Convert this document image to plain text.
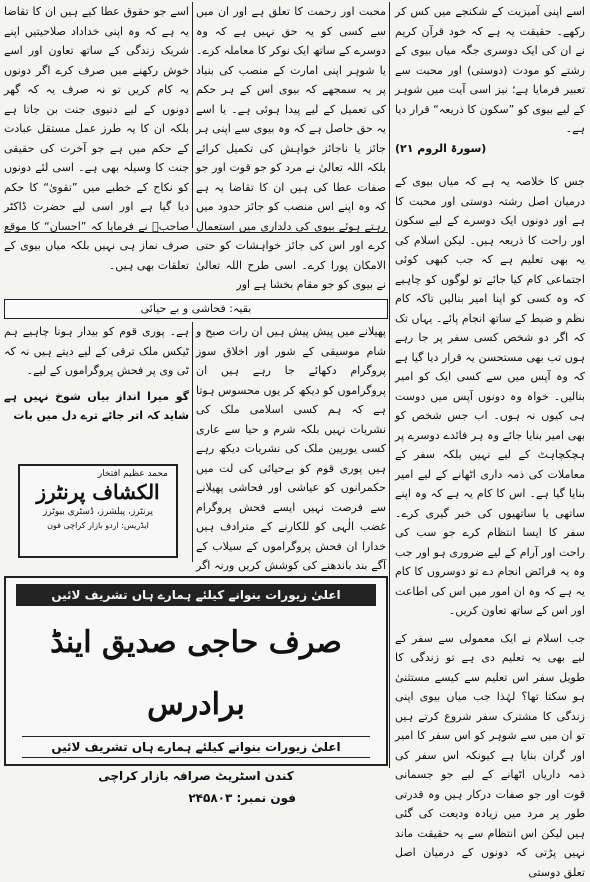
اسے اپنی آمیزیت کے شکنجے میں کس کر رکھے۔ حقیقت یہ ہے کہ خود قرآن کریم نے ان کی ایک دوسری جگہ میاں بیوی کے رشتے کو مودت (دوستی) اور محبت سے تعبیر فرمایا ہے؛ نیز اسی آیت میں شوہر کے لیے بیوی کو ”سکون کا ذریعہ“ قرار دیا ہے۔

(سورۃ الروم ۲۱)

جس کا خلاصہ یہ ہے کہ میاں بیوی کے درمیان اصل رشتہ دوستی اور محبت کا ہے اور دونوں ایک دوسرے کے لیے سکون اور راحت کا ذریعہ ہیں۔ لیکن اسلام کی یہ بھی تعلیم ہے کہ جب کبھی کوئی اجتماعی کام کیا جائے تو لوگوں کو چاہیے کہ وہ کسی کو اپنا امیر بنالیں تاکہ کام نظم و ضبط کے ساتھ انجام پائے۔ یہاں تک کہ اگر دو شخص کسی سفر پر جا رہے ہوں تب بھی مستحسن یہ قرار دیا گیا ہے کہ وہ آپس میں سے کسی ایک کو امیر بنالیں۔ خواہ وہ دونوں آپس میں دوست ہی کیوں نہ ہوں۔ اب جس شخص کو بھی امیر بنایا جائے وہ ہر فائدے دوسرے پر ہچکچاہٹ کے لیے نہیں بلکہ سفر کے معاملات کی ذمہ داری اٹھانے کے لیے امیر بنایا گیا ہے۔ اس کا کام یہ ہے کہ وہ اپنے ساتھی یا ساتھیوں کی خبر گیری کرے۔ سفر کا ایسا انتظام کرے جو سب کی راحت اور آرام کے لیے ضروری ہو اور جب وہ یہ فرائض انجام دے تو دوسروں کا کام یہ ہے کہ وہ ان امور میں اس کی اطاعت اور اس کے ساتھ تعاون کریں۔

جب اسلام نے ایک معمولی سے سفر کے لیے بھی یہ تعلیم دی ہے تو زندگی کا طویل سفر اس تعلیم سے کیسے مستثنیٰ ہو سکتا تھا؟ لہٰذا جب میاں بیوی اپنی زندگی کا مشترک سفر شروع کرتے ہیں تو ان میں سے شوہر کو اس سفر کا امیر اور گران بنایا ہے کیونکہ اس سفر کی ذمہ داریاں اٹھانے کے لیے جو جسمانی قوت اور جو صفات درکار ہیں وہ قدرتی طور پر مرد میں زیادہ ودیعت کی گئی ہیں لیکن اس انتظام سے یہ حقیقت ماند نہیں پڑتی کہ دونوں کے درمیان اصل تعلق دوستی

محبت اور رحمت کا تعلق ہے اور ان میں سے کسی کو یہ حق نہیں ہے کہ وہ دوسرے کے ساتھ ایک نوکر کا معاملہ کرے۔ یا شوہر اپنی امارت کے منصب کی بنیاد پر یہ سمجھے کہ بیوی اس کے ہر حکم کی تعمیل کے لیے پیدا ہوئی ہے۔ یا اسے یہ حق حاصل ہے کہ وہ بیوی سے اپنی ہر جائز یا ناجائز خواہش کی تکمیل کرائے بلکہ اللہ تعالیٰ نے مرد کو جو قوت اور جو صفات عطا کی ہیں ان کا تقاضا یہ ہے کہ وہ اپنے اس منصب کو جائز حدود میں رہتے ہوئے بیوی کی دلداری میں استعمال کرے اور اس کی جائز خواہشات کو حتی الامکان پورا کرے۔ اسی طرح اللہ تعالیٰ نے بیوی کو جو مقام بخشا ہے اور

اسے جو حقوق عطا کیے ہیں ان کا تقاضا یہ ہے کہ وہ اپنی خداداد صلاحیتیں اپنے شریک زندگی کے ساتھ تعاون اور اسے خوش رکھنے میں صرف کرے اگر دونوں یہ کام کریں تو نہ صرف یہ کہ گھر دونوں کے لیے دنیوی جنت بن جاتا ہے بلکہ ان کا یہ طرز عمل مستقل عبادت کے حکم میں ہے جو آخرت کی حقیقی جنت کا وسیلہ بھی ہے۔ اسی لئے دونوں کو نکاح کے خطبے میں ”تقویٰ“ کا حکم دیا گیا ہے اور اسی لیے حضرت ڈاکٹر صاحبؒ نے فرمایا کہ ”احسان“ کا موقع صرف نماز ہی نہیں بلکہ میاں بیوی کے تعلقات بھی ہیں۔

بقیہ: فحاشی و بے حیائی

پھیلانے میں پیش پیش ہیں ان رات صبح و شام موسیقی کے شور اور اخلاق سوز پروگرام دکھائے جا رہے ہیں ان پروگراموں کو دیکھ کر یوں محسوس ہوتا ہے کہ ہم کسی اسلامی ملک کی نشریات نہیں بلکہ شرم و حیا سے عاری کسی یورپین ملک کی نشریات دیکھ رہے ہیں پوری قوم کو بےحیائی کی لت میں حکمرانوں کو عیاشی اور فحاشی پھیلانے سے فرصت نہیں ایسے فحش پروگرام غضب الٰہی کو للکارنے کے مترادف ہیں خدارا ان فحش پروگراموں کے سیلاب کے آگے بند باندھنے کی کوشش کریں ورنہ اگر

ہے۔ پوری قوم کو بیدار ہونا چاہیے ہم ٹیکس ملک ترقی کے لیے دیتے ہیں نہ کہ ٹی وی پر فحش پروگراموں کے لیے۔

گو میرا انداز بیاں شوخ نہیں ہے شاید کہ اتر جائے ترے دل میں بات

محمد عظیم افتخار
الکشاف پرنٹرز
پرنٹرز، پبلشرز، ڈسٹری بیوٹرز
ایڈریس: اردو بازار کراچی فون
اعلیٰ زیورات بنوانے کیلئے ہمارے ہاں تشریف لائیں
صرف حاجی صدیق اینڈ برادرس
اعلیٰ زیورات بنوانے کیلئے ہمارے ہاں تشریف لائیں
کندن اسٹریٹ صرافہ بازار کراچی
فون نمبر: ۲۴۵۸۰۳
